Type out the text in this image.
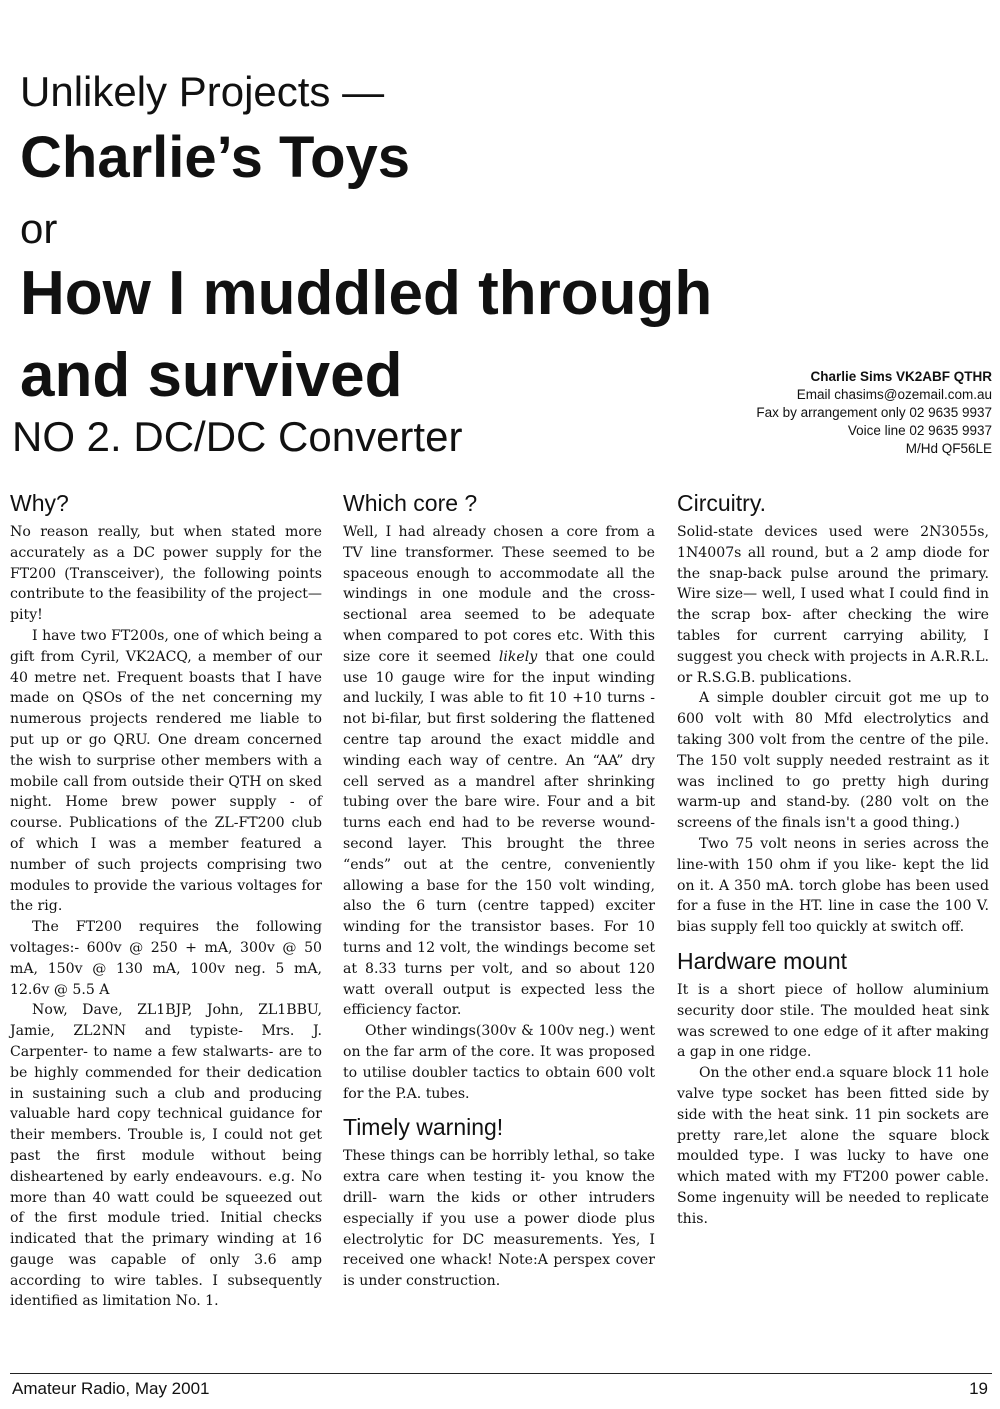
Unlikely Projects —
Charlie’s Toys
or
How I muddled through
and survived
NO 2. DC/DC Converter
Charlie Sims VK2ABF QTHR
Email chasims@ozemail.com.au
Fax by arrangement only 02 9635 9937
Voice line 02 9635 9937
M/Hd QF56LE
Why?

No reason really, but when stated more accurately as a DC power supply for the FT200 (Transceiver), the following points contribute to the feasibility of the project—pity!

I have two FT200s, one of which being a gift from Cyril, VK2ACQ, a member of our 40 metre net. Frequent boasts that I have made on QSOs of the net concerning my numerous projects rendered me liable to put up or go QRU. One dream concerned the wish to surprise other members with a mobile call from outside their QTH on sked night. Home brew power supply - of course. Publications of the ZL-FT200 club of which I was a member featured a number of such projects comprising two modules to provide the various voltages for the rig.

The FT200 requires the following voltages:- 600v @ 250 + mA, 300v @ 50 mA, 150v @ 130 mA, 100v neg. 5 mA, 12.6v @ 5.5 A

Now, Dave, ZL1BJP, John, ZL1BBU, Jamie, ZL2NN and typiste- Mrs. J. Carpenter- to name a few stalwarts- are to be highly commended for their dedication in sustaining such a club and producing valuable hard copy technical guidance for their members. Trouble is, I could not get past the first module without being disheartened by early endeavours. e.g. No more than 40 watt could be squeezed out of the first module tried. Initial checks indicated that the primary winding at 16 gauge was capable of only 3.6 amp according to wire tables. I subsequently identified as limitation No. 1.

Which core ?

Well, I had already chosen a core from a TV line transformer. These seemed to be spaceous enough to accommodate all the windings in one module and the cross-sectional area seemed to be adequate when compared to pot cores etc. With this size core it seemed likely that one could use 10 gauge wire for the input winding and luckily, I was able to fit 10 +10 turns - not bi-filar, but first soldering the flattened centre tap around the exact middle and winding each way of centre. An “AA” dry cell served as a mandrel after shrinking tubing over the bare wire. Four and a bit turns each end had to be reverse wound-second layer. This brought the three “ends” out at the centre, conveniently allowing a base for the 150 volt winding, also the 6 turn (centre tapped) exciter winding for the transistor bases. For 10 turns and 12 volt, the windings become set at 8.33 turns per volt, and so about 120 watt overall output is expected less the efficiency factor.

Other windings(300v & 100v neg.) went on the far arm of the core. It was proposed to utilise doubler tactics to obtain 600 volt for the P.A. tubes.

Timely warning!

These things can be horribly lethal, so take extra care when testing it- you know the drill- warn the kids or other intruders especially if you use a power diode plus electrolytic for DC measurements. Yes, I received one whack! Note:A perspex cover is under construction.

Circuitry.

Solid-state devices used were 2N3055s, 1N4007s all round, but a 2 amp diode for the snap-back pulse around the primary. Wire size— well, I used what I could find in the scrap box- after checking the wire tables for current carrying ability, I suggest you check with projects in A.R.R.L. or R.S.G.B. publications.

A simple doubler circuit got me up to 600 volt with 80 Mfd electrolytics and taking 300 volt from the centre of the pile. The 150 volt supply needed restraint as it was inclined to go pretty high during warm-up and stand-by. (280 volt on the screens of the finals isn't a good thing.)

Two 75 volt neons in series across the line-with 150 ohm if you like- kept the lid on it. A 350 mA. torch globe has been used for a fuse in the HT. line in case the 100 V. bias supply fell too quickly at switch off.

Hardware mount

It is a short piece of hollow aluminium security door stile. The moulded heat sink was screwed to one edge of it after making a gap in one ridge.

On the other end.a square block 11 hole valve type socket has been fitted side by side with the heat sink. 11 pin sockets are pretty rare,let alone the square block moulded type. I was lucky to have one which mated with my FT200 power cable. Some ingenuity will be needed to replicate this.

Amateur Radio, May 2001	19
